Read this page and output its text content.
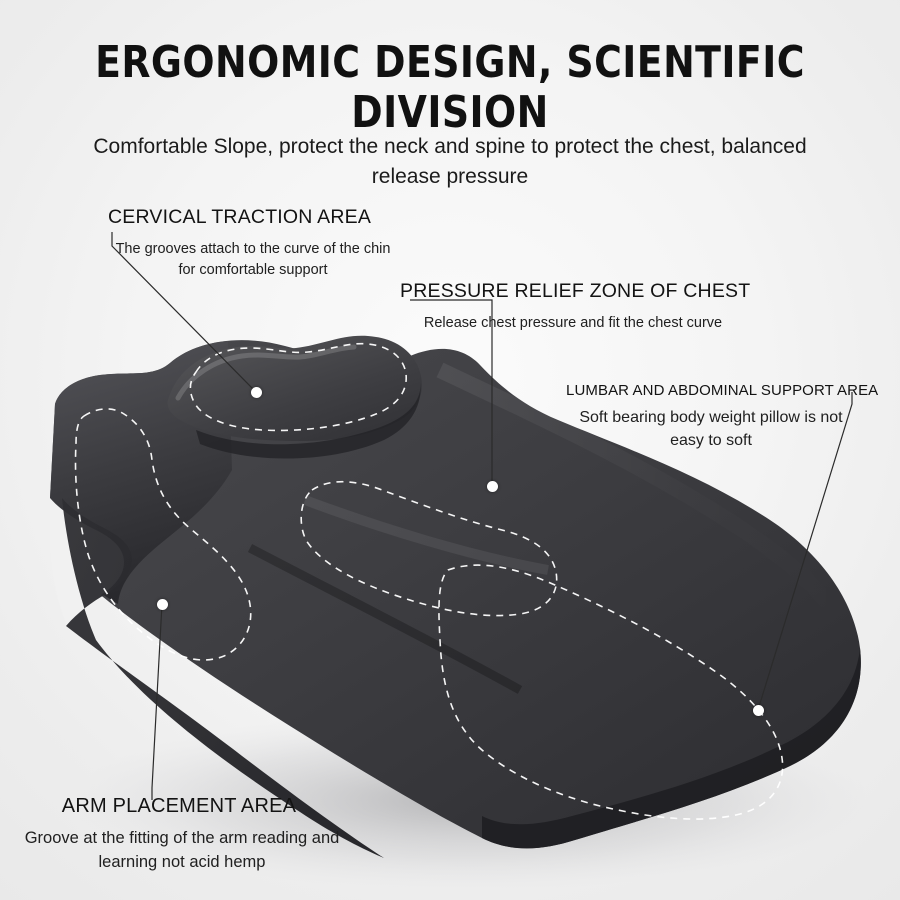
ERGONOMIC DESIGN, SCIENTIFIC DIVISION
Comfortable Slope, protect the neck and spine to protect the chest, balanced release pressure
CERVICAL TRACTION AREA
The grooves attach to the curve of the chin for comfortable support
PRESSURE RELIEF ZONE OF CHEST
Release chest pressure and fit the chest curve
LUMBAR AND ABDOMINAL SUPPORT AREA
Soft bearing body weight pillow is not easy to soft
ARM PLACEMENT AREA
Groove at the fitting of the arm reading and learning not acid hemp
